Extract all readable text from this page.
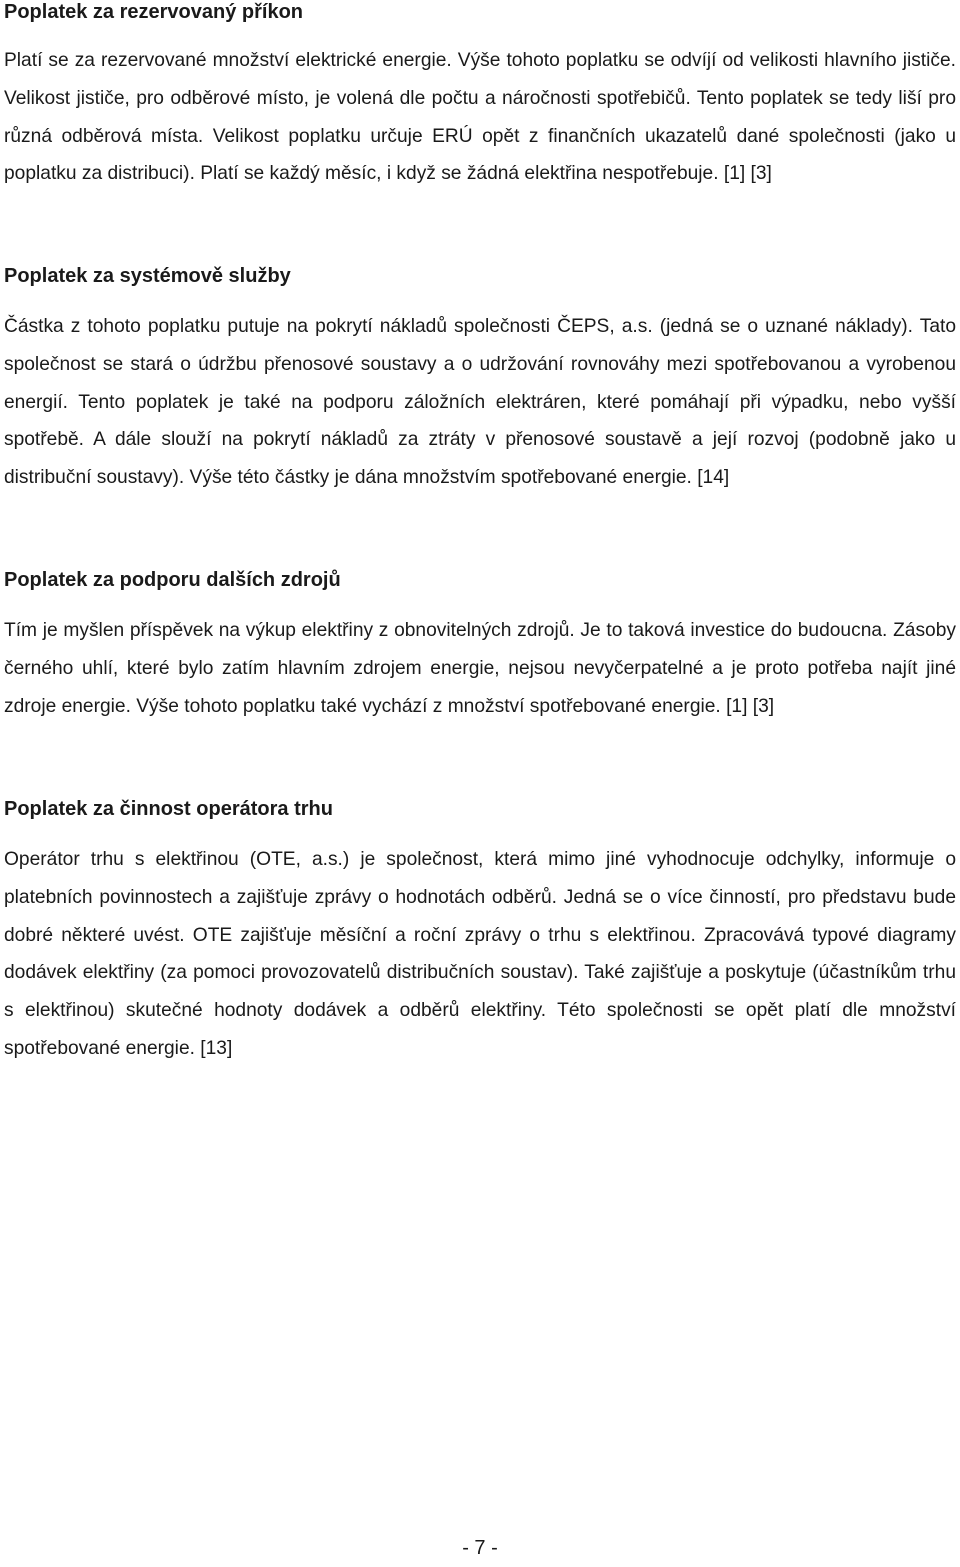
Poplatek za rezervovaný příkon

Platí se za rezervované množství elektrické energie. Výše tohoto poplatku se odvíjí od velikosti hlavního jističe. Velikost jističe, pro odběrové místo, je volená dle počtu a náročnosti spotřebičů. Tento poplatek se tedy liší pro různá odběrová místa. Velikost poplatku určuje ERÚ opět z finančních ukazatelů dané společnosti (jako u poplatku za distribuci). Platí se každý měsíc, i když se žádná elektřina nespotřebuje. [1] [3]

Poplatek za systémově služby

Částka z tohoto poplatku putuje na pokrytí nákladů společnosti ČEPS, a.s. (jedná se o uznané náklady). Tato společnost se stará o údržbu přenosové soustavy a o udržování rovnováhy mezi spotřebovanou a vyrobenou energií. Tento poplatek je také na podporu záložních elektráren, které pomáhají při výpadku, nebo vyšší spotřebě. A dále slouží na pokrytí nákladů za ztráty v přenosové soustavě a její rozvoj (podobně jako u distribuční soustavy). Výše této částky je dána množstvím spotřebované energie. [14]

Poplatek za podporu dalších zdrojů

Tím je myšlen příspěvek na výkup elektřiny z obnovitelných zdrojů. Je to taková investice do budoucna. Zásoby černého uhlí, které bylo zatím hlavním zdrojem energie, nejsou nevyčerpatelné a je proto potřeba najít jiné zdroje energie. Výše tohoto poplatku také vychází z množství spotřebované energie. [1] [3]

Poplatek za činnost operátora trhu

Operátor trhu s elektřinou (OTE, a.s.) je společnost, která mimo jiné vyhodnocuje odchylky, informuje o platebních povinnostech a zajišťuje zprávy o hodnotách odběrů. Jedná se o více činností, pro představu bude dobré některé uvést. OTE zajišťuje měsíční a roční zprávy o trhu s elektřinou. Zpracovává typové diagramy dodávek elektřiny (za pomoci provozovatelů distribučních soustav). Také zajišťuje a poskytuje (účastníkům trhu s elektřinou) skutečné hodnoty dodávek a odběrů elektřiny. Této společnosti se opět platí dle množství spotřebované energie. [13]

- 7 -
